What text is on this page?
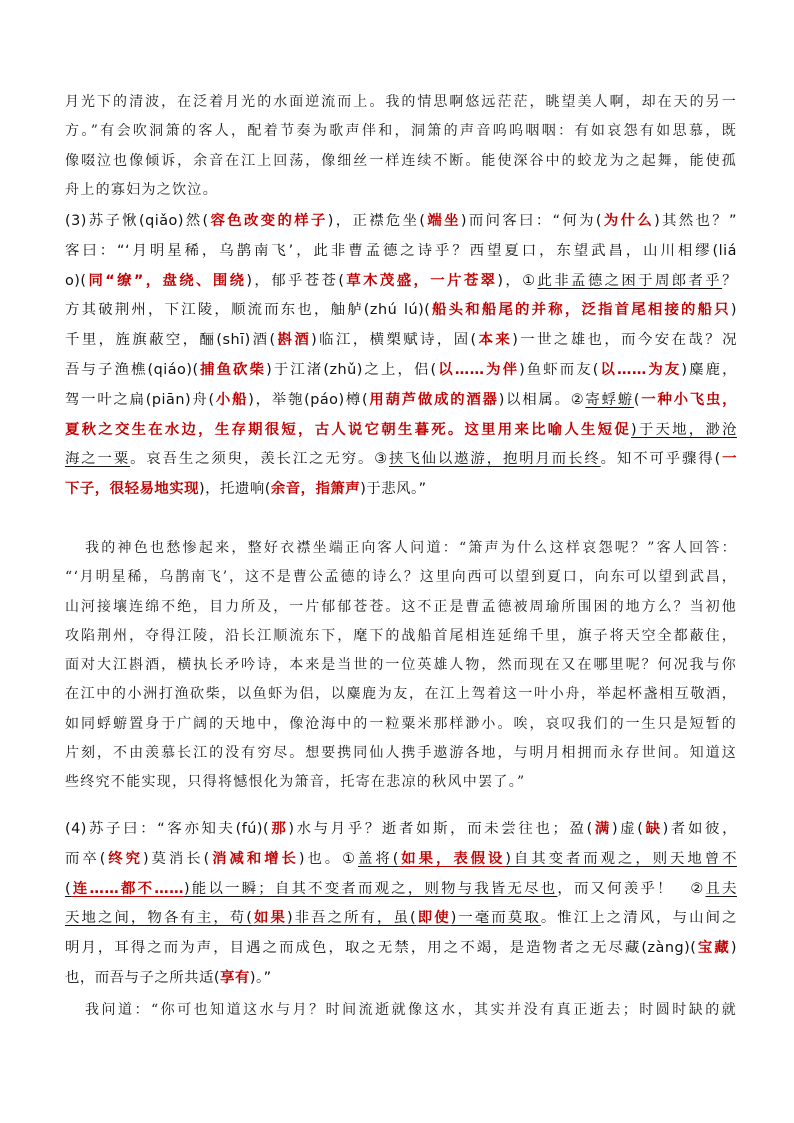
月光下的清波，在泛着月光的水面逆流而上。我的情思啊悠远茫茫，眺望美人啊，却在天的另一
方。”有会吹洞箫的客人，配着节奏为歌声伴和，洞箫的声音呜呜咽咽：有如哀怨有如思慕，既
像啜泣也像倾诉，余音在江上回荡，像细丝一样连续不断。能使深谷中的蛟龙为之起舞，能使孤
舟上的寡妇为之饮泣。
(3)苏子愀(qiǎo)然(容色改变的样子)，正襟危坐(端坐)而问客曰：“何为(为什么)其然也？”
客曰：“‘月明星稀，乌鹊南飞’，此非曹孟德之诗乎？西望夏口，东望武昌，山川相缪(liá
o)(同“缭”，盘绕、围绕)，郁乎苍苍(草木茂盛，一片苍翠)，①此非孟德之困于周郎者乎？
方其破荆州，下江陵，顺流而东也，舳舻(zhú lú)(船头和船尾的并称，泛指首尾相接的船只)
千里，旌旗蔽空，酾(shī)酒(斟酒)临江，横槊赋诗，固(本来)一世之雄也，而今安在哉？况
吾与子渔樵(qiáo)(捕鱼砍柴)于江渚(zhǔ)之上，侣(以……为伴)鱼虾而友(以……为友)麋鹿，
驾一叶之扁(piān)舟(小船)，举匏(páo)樽(用葫芦做成的酒器)以相属。②寄蜉蝣(一种小飞虫，
夏秋之交生在水边，生存期很短，古人说它朝生暮死。这里用来比喻人生短促)于天地，渺沧
海之一粟。哀吾生之须臾，羡长江之无穷。③挟飞仙以遨游，抱明月而长终。知不可乎骤得(一
下子，很轻易地实现)，托遗响(余音，指箫声)于悲风。”
我的神色也愁惨起来，整好衣襟坐端正向客人问道：“箫声为什么这样哀怨呢？”客人回答：
“‘月明星稀，乌鹊南飞’，这不是曹公孟德的诗么？这里向西可以望到夏口，向东可以望到武昌，
山河接壤连绵不绝，目力所及，一片郁郁苍苍。这不正是曹孟德被周瑜所围困的地方么？当初他
攻陷荆州，夺得江陵，沿长江顺流东下，麾下的战船首尾相连延绵千里，旗子将天空全都蔽住，
面对大江斟酒，横执长矛吟诗，本来是当世的一位英雄人物，然而现在又在哪里呢？何况我与你
在江中的小洲打渔砍柴，以鱼虾为侣，以麋鹿为友，在江上驾着这一叶小舟，举起杯盏相互敬酒，
如同蜉蝣置身于广阔的天地中，像沧海中的一粒粟米那样渺小。唉，哀叹我们的一生只是短暂的
片刻，不由羡慕长江的没有穷尽。想要携同仙人携手遨游各地，与明月相拥而永存世间。知道这
些终究不能实现，只得将憾恨化为箫音，托寄在悲凉的秋风中罢了。”
(4)苏子曰：“客亦知夫(fú)(那)水与月乎？逝者如斯，而未尝往也；盈(满)虚(缺)者如彼，
而卒(终究)莫消长(消减和增长)也。①盖将(如果，表假设)自其变者而观之，则天地曾不
(连……都不……)能以一瞬；自其不变者而观之，则物与我皆无尽也，而又何羡乎！　②且夫
天地之间，物各有主，苟(如果)非吾之所有，虽(即使)一毫而莫取。惟江上之清风，与山间之
明月，耳得之而为声，目遇之而成色，取之无禁，用之不竭，是造物者之无尽藏(zàng)(宝藏)
也，而吾与子之所共适(享有)。”
我问道：“你可也知道这水与月？时间流逝就像这水，其实并没有真正逝去；时圆时缺的就
